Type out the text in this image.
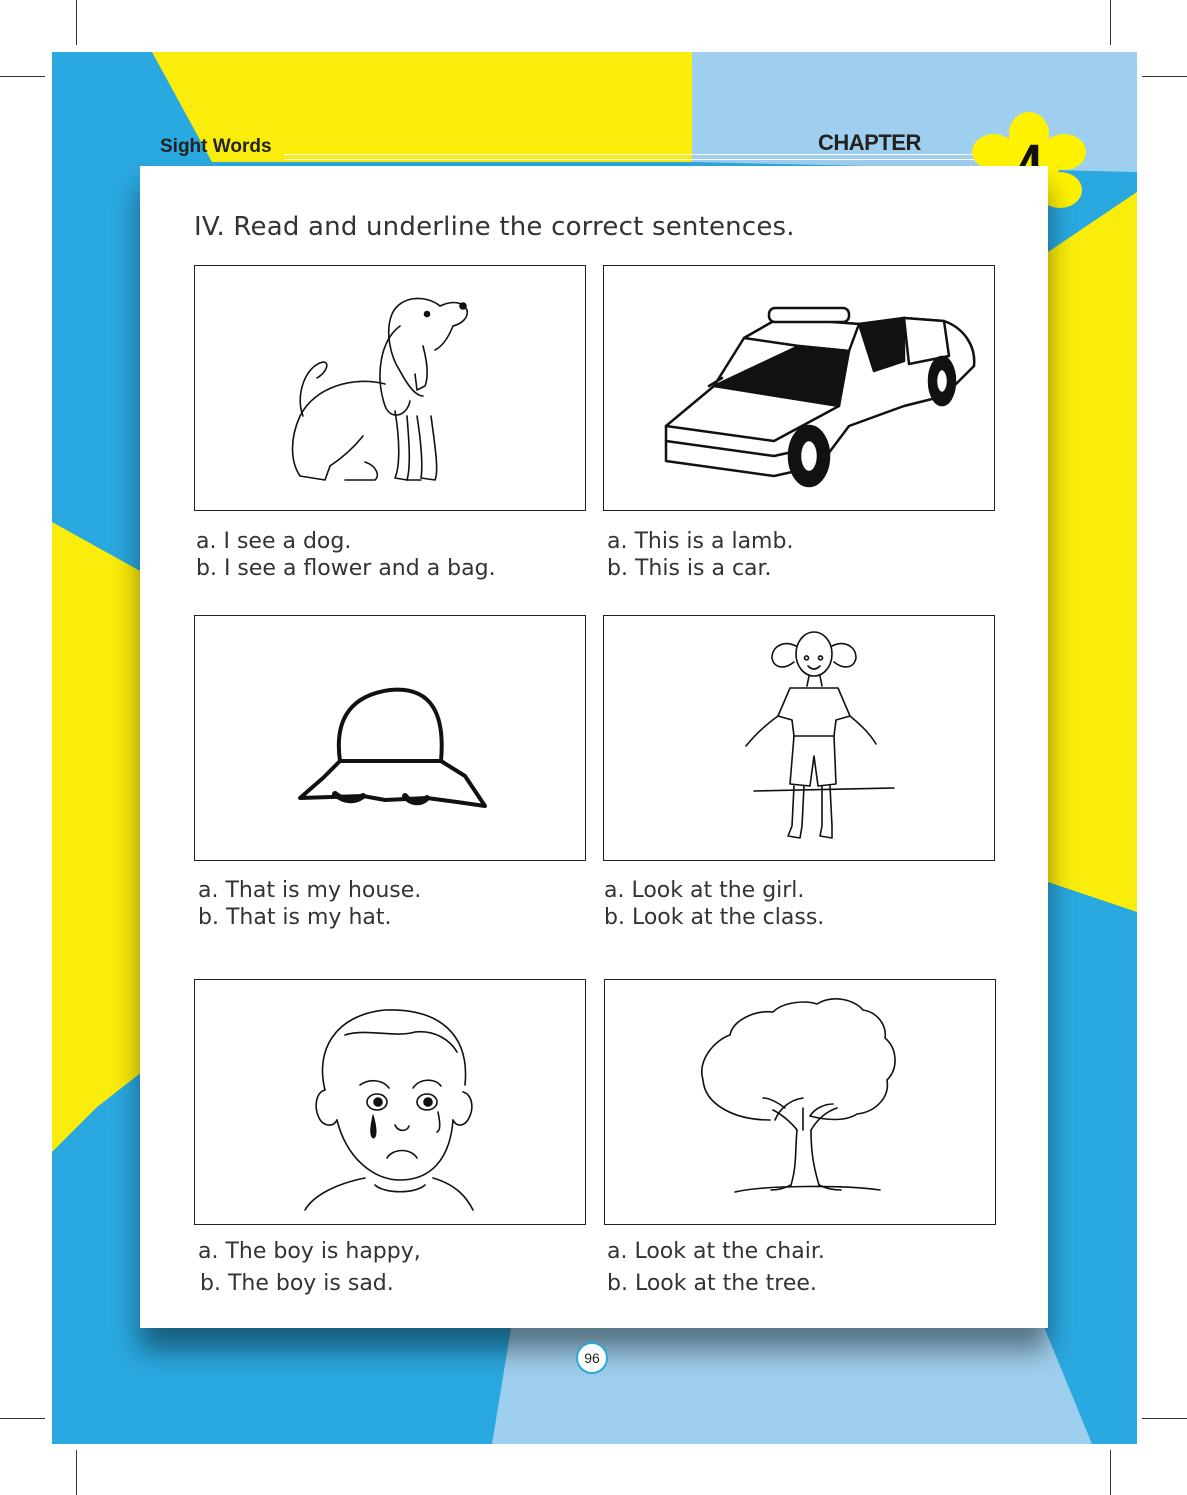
Sight Words	CHAPTER
IV. Read and underline the correct sentences.
a. I see a dog.
b. I see a flower and a bag.
a. This is a lamb.
b. This is a car.
a. That is my house.
b. That is my hat.
a. Look at the girl.
b. Look at the class.
a. The boy is happy,
b. The boy is sad.
a. Look at the chair.
b. Look at the tree.
96
